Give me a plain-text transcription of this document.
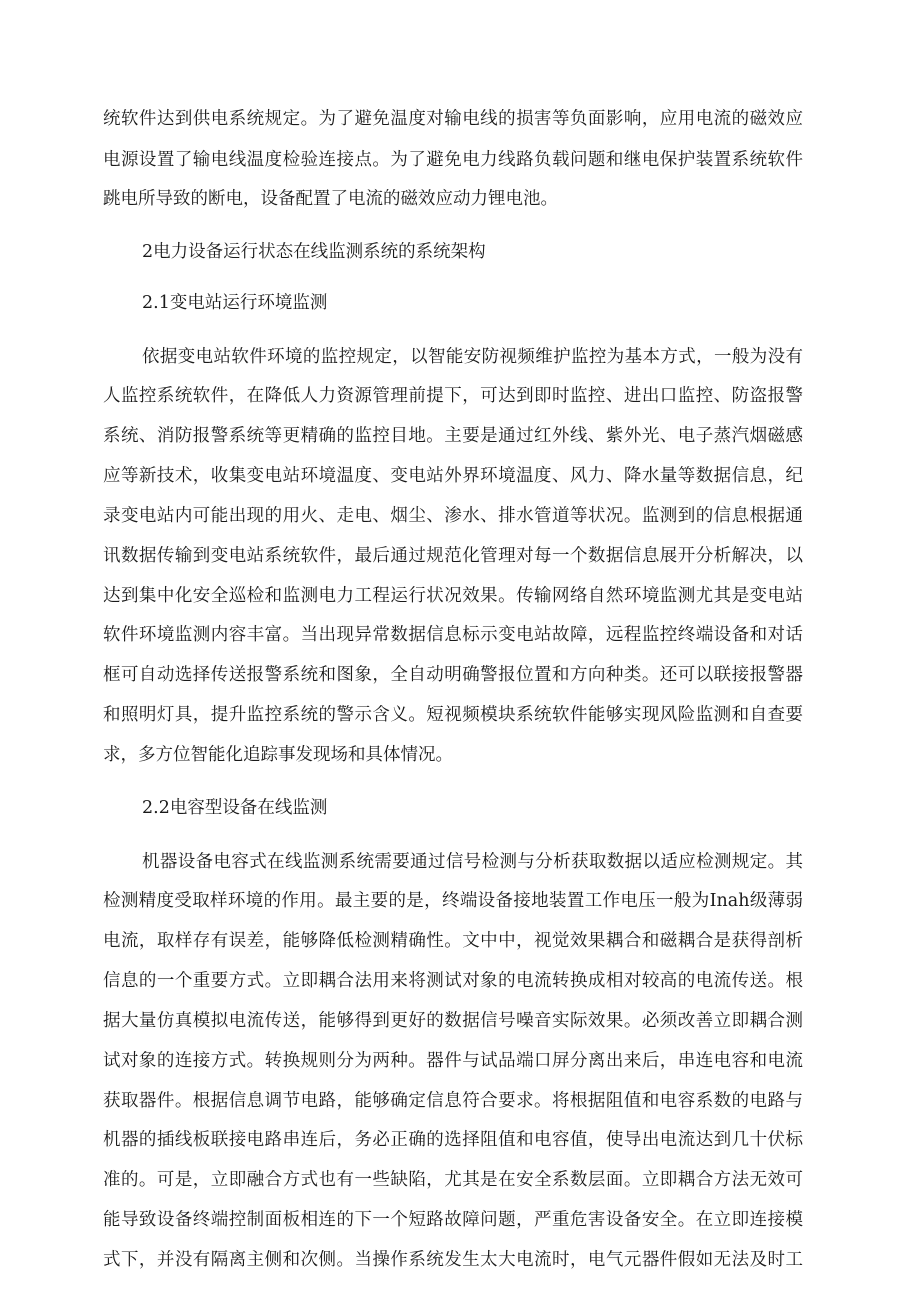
统软件达到供电系统规定。为了避免温度对输电线的损害等负面影响，应用电流的磁效应
电源设置了输电线温度检验连接点。为了避免电力线路负载问题和继电保护装置系统软件
跳电所导致的断电，设备配置了电流的磁效应动力锂电池。
2电力设备运行状态在线监测系统的系统架构
2.1变电站运行环境监测
依据变电站软件环境的监控规定，以智能安防视频维护监控为基本方式，一般为没有
人监控系统软件，在降低人力资源管理前提下，可达到即时监控、进出口监控、防盗报警
系统、消防报警系统等更精确的监控目地。主要是通过红外线、紫外光、电子蒸汽烟磁感
应等新技术，收集变电站环境温度、变电站外界环境温度、风力、降水量等数据信息，纪
录变电站内可能出现的用火、走电、烟尘、渗水、排水管道等状况。监测到的信息根据通
讯数据传输到变电站系统软件，最后通过规范化管理对每一个数据信息展开分析解决，以
达到集中化安全巡检和监测电力工程运行状况效果。传输网络自然环境监测尤其是变电站
软件环境监测内容丰富。当出现异常数据信息标示变电站故障，远程监控终端设备和对话
框可自动选择传送报警系统和图象，全自动明确警报位置和方向种类。还可以联接报警器
和照明灯具，提升监控系统的警示含义。短视频模块系统软件能够实现风险监测和自查要
求，多方位智能化追踪事发现场和具体情况。
2.2电容型设备在线监测
机器设备电容式在线监测系统需要通过信号检测与分析获取数据以适应检测规定。其
检测精度受取样环境的作用。最主要的是，终端设备接地装置工作电压一般为Inah级薄弱
电流，取样存有误差，能够降低检测精确性。文中中，视觉效果耦合和磁耦合是获得剖析
信息的一个重要方式。立即耦合法用来将测试对象的电流转换成相对较高的电流传送。根
据大量仿真模拟电流传送，能够得到更好的数据信号噪音实际效果。必须改善立即耦合测
试对象的连接方式。转换规则分为两种。器件与试品端口屏分离出来后，串连电容和电流
获取器件。根据信息调节电路，能够确定信息符合要求。将根据阻值和电容系数的电路与
机器的插线板联接电路串连后，务必正确的选择阻值和电容值，使导出电流达到几十伏标
准的。可是，立即融合方式也有一些缺陷，尤其是在安全系数层面。立即耦合方法无效可
能导致设备终端控制面板相连的下一个短路故障问题，严重危害设备安全。在立即连接模
式下，并没有隔离主侧和次侧。当操作系统发生太大电流时，电气元器件假如无法及时工
